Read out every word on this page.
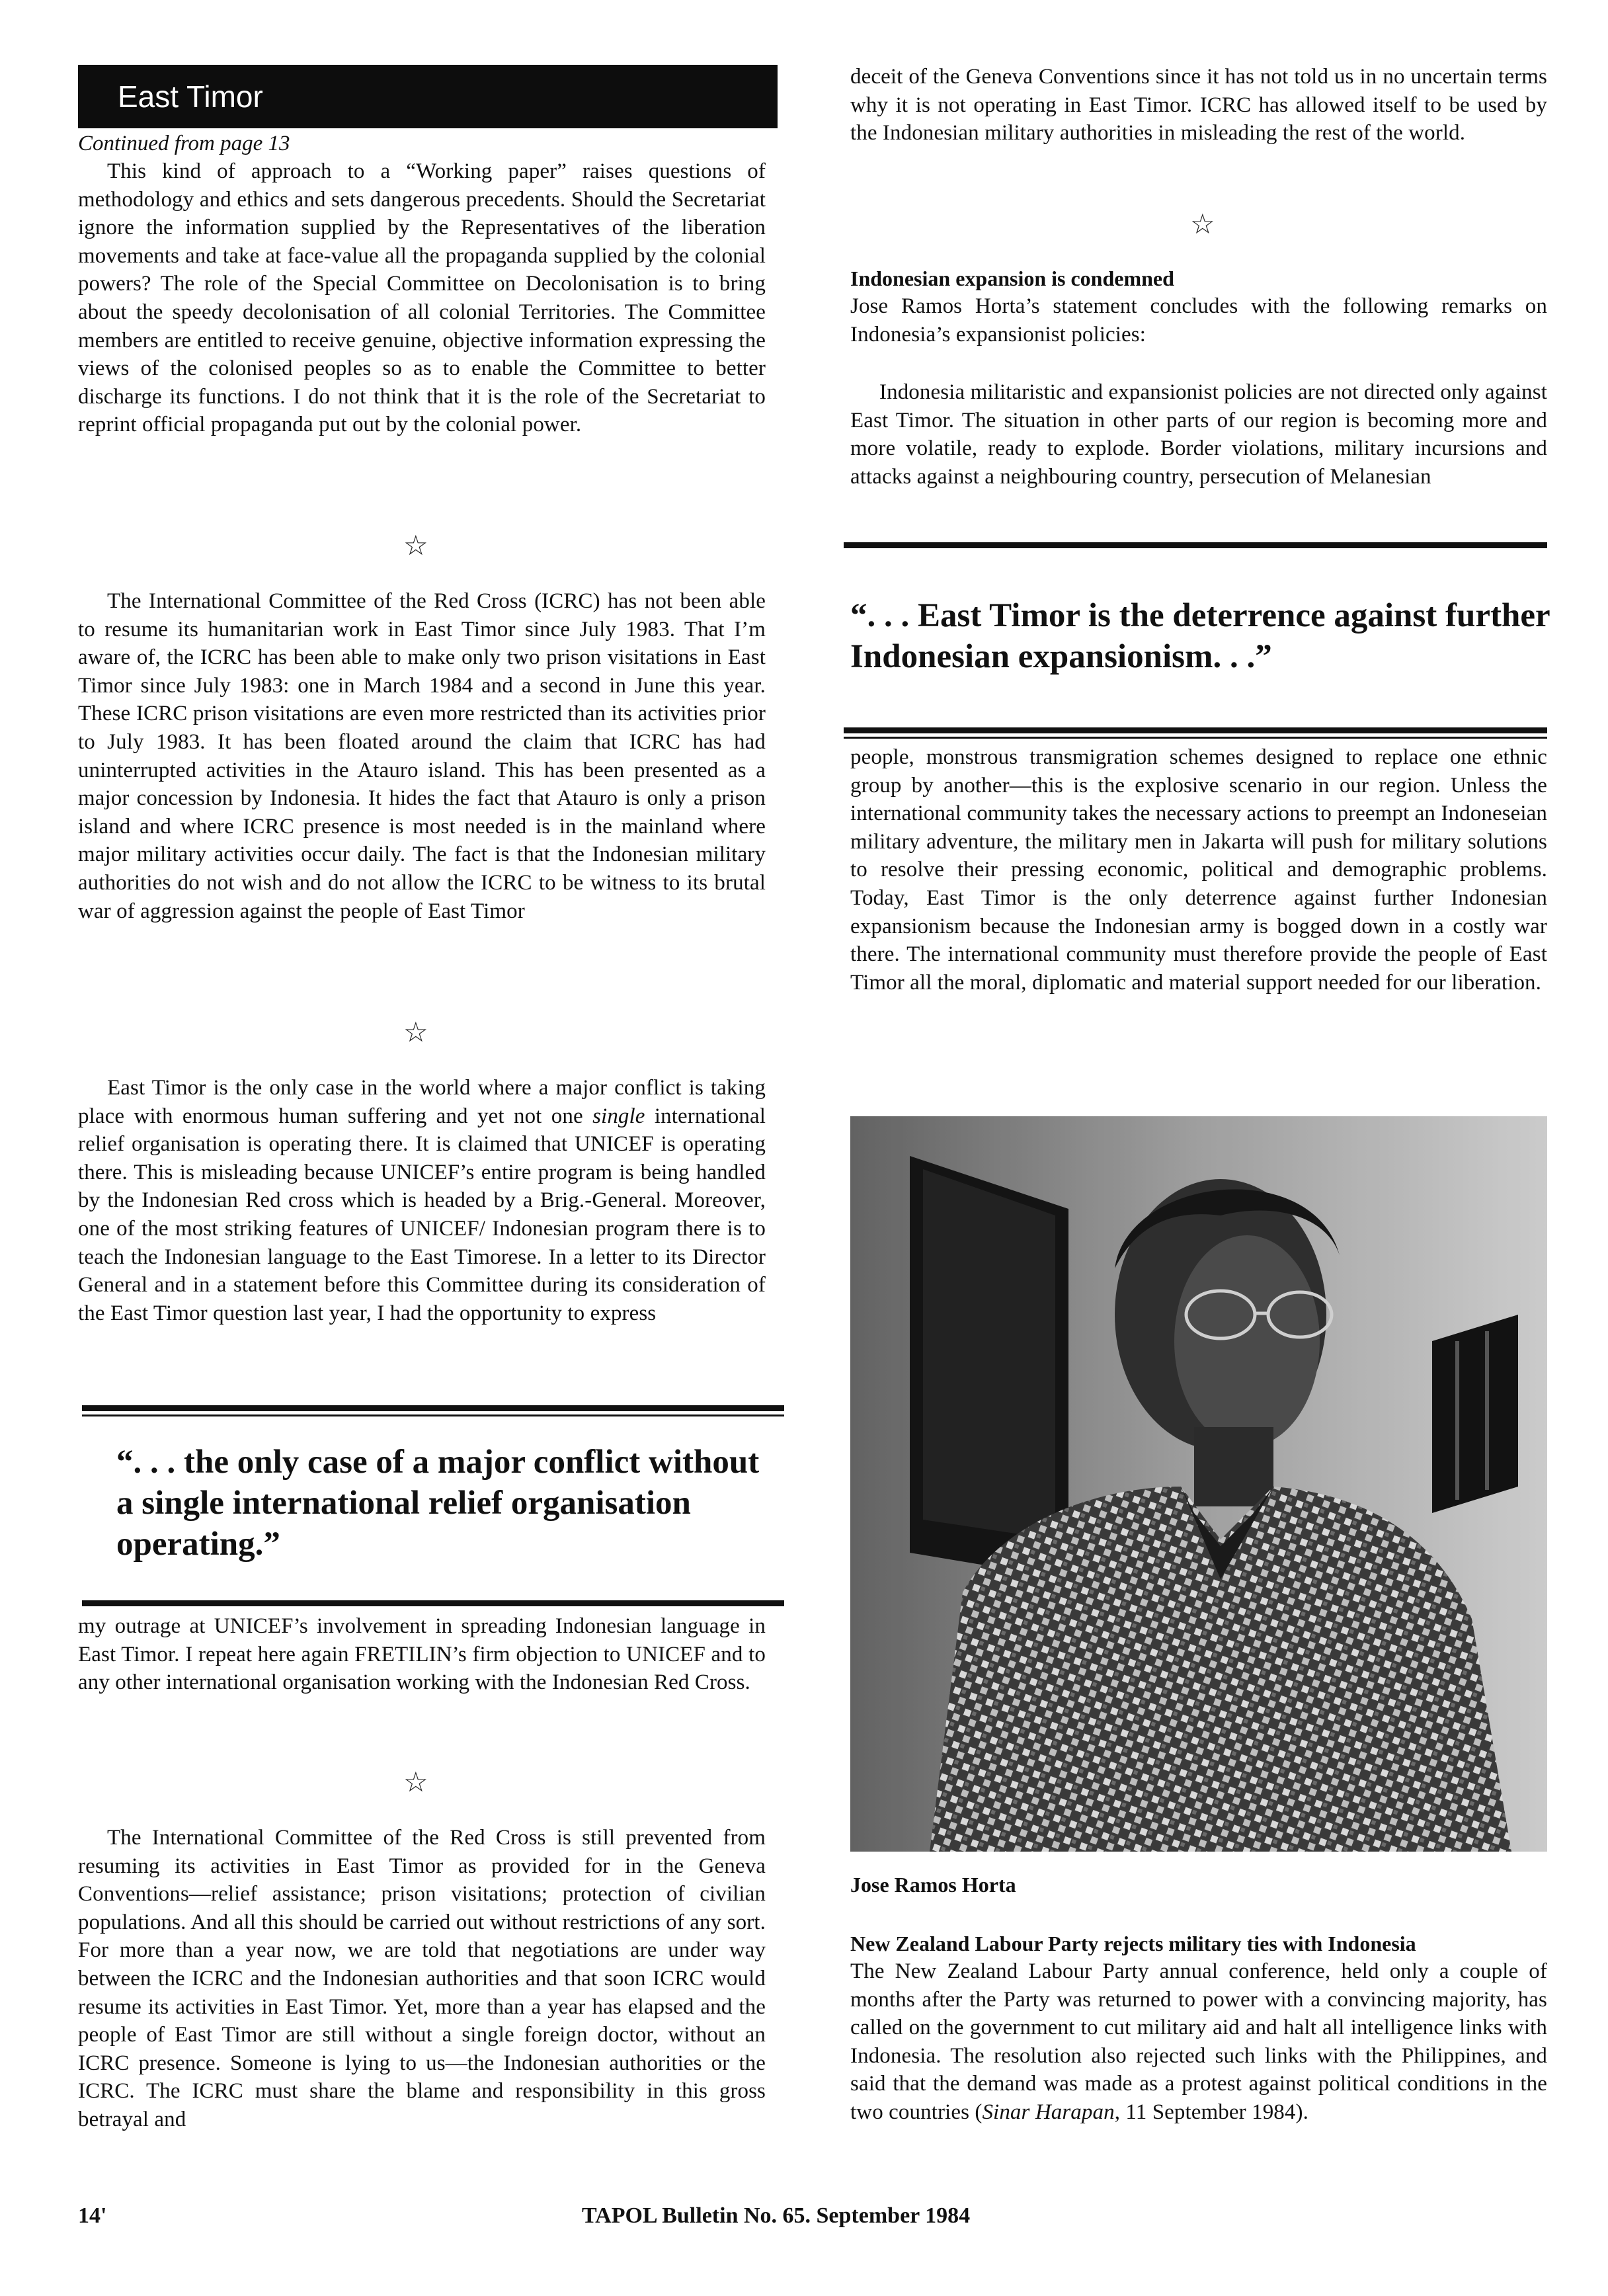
East Timor
Continued from page 13

This kind of approach to a “Working paper” raises questions of methodology and ethics and sets dangerous precedents. Should the Secretariat ignore the information supplied by the Representatives of the liberation movements and take at face-value all the propaganda supplied by the colonial powers? The role of the Special Committee on Decolonisation is to bring about the speedy decolonisation of all colonial Territories. The Committee members are entitled to receive genuine, objective information expressing the views of the colonised peoples so as to enable the Committee to better discharge its functions. I do not think that it is the role of the Secretariat to reprint official propaganda put out by the colonial power.

☆

The International Committee of the Red Cross (ICRC) has not been able to resume its humanitarian work in East Timor since July 1983. That I’m aware of, the ICRC has been able to make only two prison visitations in East Timor since July 1983: one in March 1984 and a second in June this year. These ICRC prison visitations are even more restricted than its activities prior to July 1983. It has been floated around the claim that ICRC has had uninterrupted activities in the Atauro island. This has been presented as a major concession by Indonesia. It hides the fact that Atauro is only a prison island and where ICRC presence is most needed is in the mainland where major military activities occur daily. The fact is that the Indonesian military authorities do not wish and do not allow the ICRC to be witness to its brutal war of aggression against the people of East Timor

☆

East Timor is the only case in the world where a major conflict is taking place with enormous human suffering and yet not one single international relief organisation is operating there. It is claimed that UNICEF is operating there. This is misleading because UNICEF’s entire program is being handled by the Indonesian Red cross which is headed by a Brig.-General. Moreover, one of the most striking features of UNICEF/ Indonesian program there is to teach the Indonesian language to the East Timorese. In a letter to its Director General and in a statement before this Committee during its consideration of the East Timor question last year, I had the opportunity to express

“. . . the only case of a major conflict without a single international relief organisation operating.”

my outrage at UNICEF’s involvement in spreading Indonesian language in East Timor. I repeat here again FRETILIN’s firm objection to UNICEF and to any other international organisation working with the Indonesian Red Cross.

☆

The International Committee of the Red Cross is still prevented from resuming its activities in East Timor as provided for in the Geneva Conventions—relief assistance; prison visitations; protection of civilian populations. And all this should be carried out without restrictions of any sort. For more than a year now, we are told that negotiations are under way between the ICRC and the Indonesian authorities and that soon ICRC would resume its activities in East Timor. Yet, more than a year has elapsed and the people of East Timor are still without a single foreign doctor, without an ICRC presence. Someone is lying to us—the Indonesian authorities or the ICRC. The ICRC must share the blame and responsibility in this gross betrayal and

deceit of the Geneva Conventions since it has not told us in no uncertain terms why it is not operating in East Timor. ICRC has allowed itself to be used by the Indonesian military authorities in misleading the rest of the world.

☆

Indonesian expansion is condemned

Jose Ramos Horta’s statement concludes with the following remarks on Indonesia’s expansionist policies:

Indonesia militaristic and expansionist policies are not directed only against East Timor. The situation in other parts of our region is becoming more and more volatile, ready to explode. Border violations, military incursions and attacks against a neighbouring country, persecution of Melanesian

“. . . East Timor is the deterrence against further Indonesian expansionism. . .”

people, monstrous transmigration schemes designed to replace one ethnic group by another—this is the explosive scenario in our region. Unless the international community takes the necessary actions to preempt an Indoneseian military adventure, the military men in Jakarta will push for military solutions to resolve their pressing economic, political and demographic problems. Today, East Timor is the only deterrence against further Indonesian expansionism because the Indonesian army is bogged down in a costly war there. The international community must therefore provide the people of East Timor all the moral, diplomatic and material support needed for our liberation.

Jose Ramos Horta

New Zealand Labour Party rejects military ties with Indonesia

The New Zealand Labour Party annual conference, held only a couple of months after the Party was returned to power with a convincing majority, has called on the government to cut military aid and halt all intelligence links with Indonesia. The resolution also rejected such links with the Philippines, and said that the demand was made as a protest against political conditions in the two countries (Sinar Harapan, 11 September 1984).

14'	TAPOL Bulletin No. 65. September 1984
